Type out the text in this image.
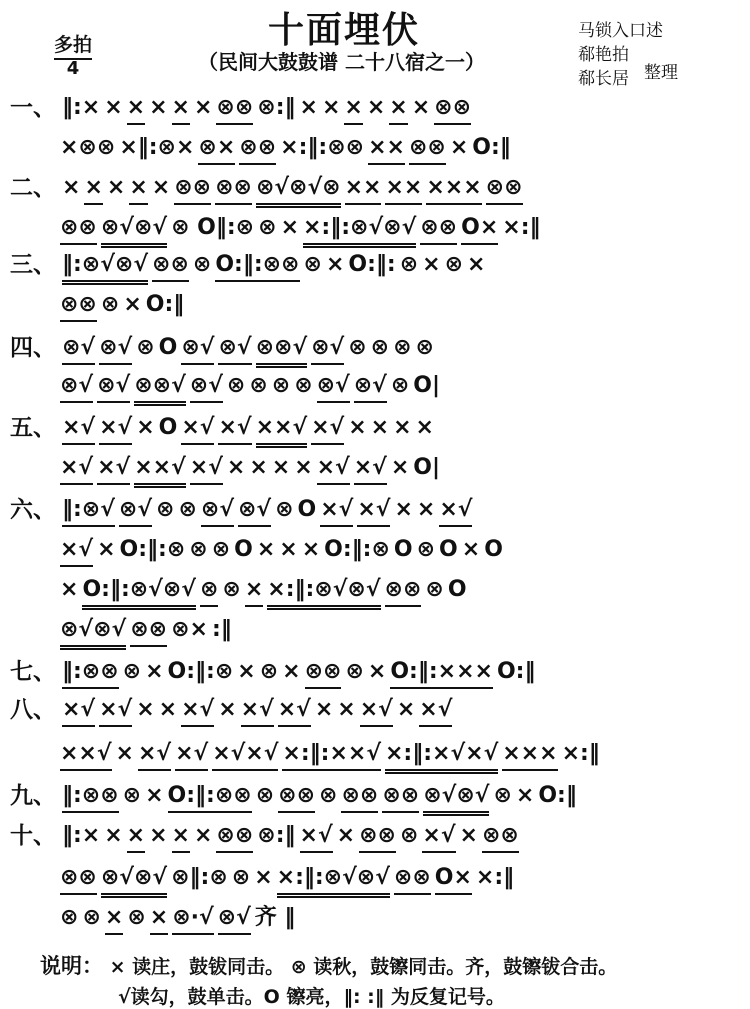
十面埋伏
（民间大鼓鼓谱 二十八宿之一）
多拍
4
马锁入口述
郗艳拍
郗长居 整理
一、 ‖:× × × × × × ⊗⊗ ⊗:‖ × × × × × × ⊗⊗
×⊗⊗ ×‖:⊗× ⊗× ⊗⊗ ×:‖:⊗⊗ ×× ⊗⊗ × O:‖
二、 × × × × × ⊗⊗ ⊗⊗ ⊗√⊗√⊗ ×× ×× ××× ⊗⊗
⊗⊗ ⊗√⊗√ ⊗ O‖:⊗ ⊗ × ×:‖:⊗√⊗√ ⊗⊗ O× ×:‖
三、 ‖:⊗√⊗√ ⊗⊗ ⊗ O:‖:⊗⊗ ⊗ × O:‖: ⊗ × ⊗ ×
⊗⊗ ⊗ × O:‖
四、 ⊗√ ⊗√ ⊗ O ⊗√ ⊗√ ⊗⊗√ ⊗√ ⊗ ⊗ ⊗ ⊗
⊗√ ⊗√ ⊗⊗√ ⊗√ ⊗ ⊗ ⊗ ⊗ ⊗√ ⊗√ ⊗ O|
五、 ×√ ×√ × O ×√ ×√ ××√ ×√ × × × ×
×√ ×√ ××√ ×√ × × × × ×√ ×√ × O|
六、 ‖:⊗√ ⊗√ ⊗ ⊗ ⊗√ ⊗√ ⊗ O ×√ ×√ × × ×√
×√ × O:‖:⊗ ⊗ ⊗ O × × × O:‖:⊗ O ⊗ O × O
× O:‖:⊗√⊗√ ⊗ ⊗ × ×:‖:⊗√⊗√ ⊗⊗ ⊗ O
⊗√⊗√ ⊗⊗ ⊗× :‖
七、 ‖:⊗⊗ ⊗ × O:‖:⊗ × ⊗ × ⊗⊗ ⊗ × O:‖:××× O:‖
八、 ×√ ×√ × × ×√ × ×√ ×√ × × ×√ × ×√
××√ × ×√ ×√ ×√×√ ×:‖:××√ ×:‖:×√×√ ××× ×:‖
九、 ‖:⊗⊗ ⊗ × O:‖:⊗⊗ ⊗ ⊗⊗ ⊗ ⊗⊗ ⊗⊗ ⊗√⊗√ ⊗ × O:‖
十、 ‖:× × × × × × ⊗⊗ ⊗:‖ ×√ × ⊗⊗ ⊗ ×√ × ⊗⊗
⊗⊗ ⊗√⊗√ ⊗‖:⊗ ⊗ × ×:‖:⊗√⊗√ ⊗⊗ O× ×:‖
⊗ ⊗ × ⊗ × ⊗·√ ⊗√ 齐 ‖
说明： × 读庄，鼓钹同击。 ⊗ 读秋，鼓镲同击。齐，鼓镲钹合击。
√读勾，鼓单击。O 镲亮，‖: :‖ 为反复记号。
